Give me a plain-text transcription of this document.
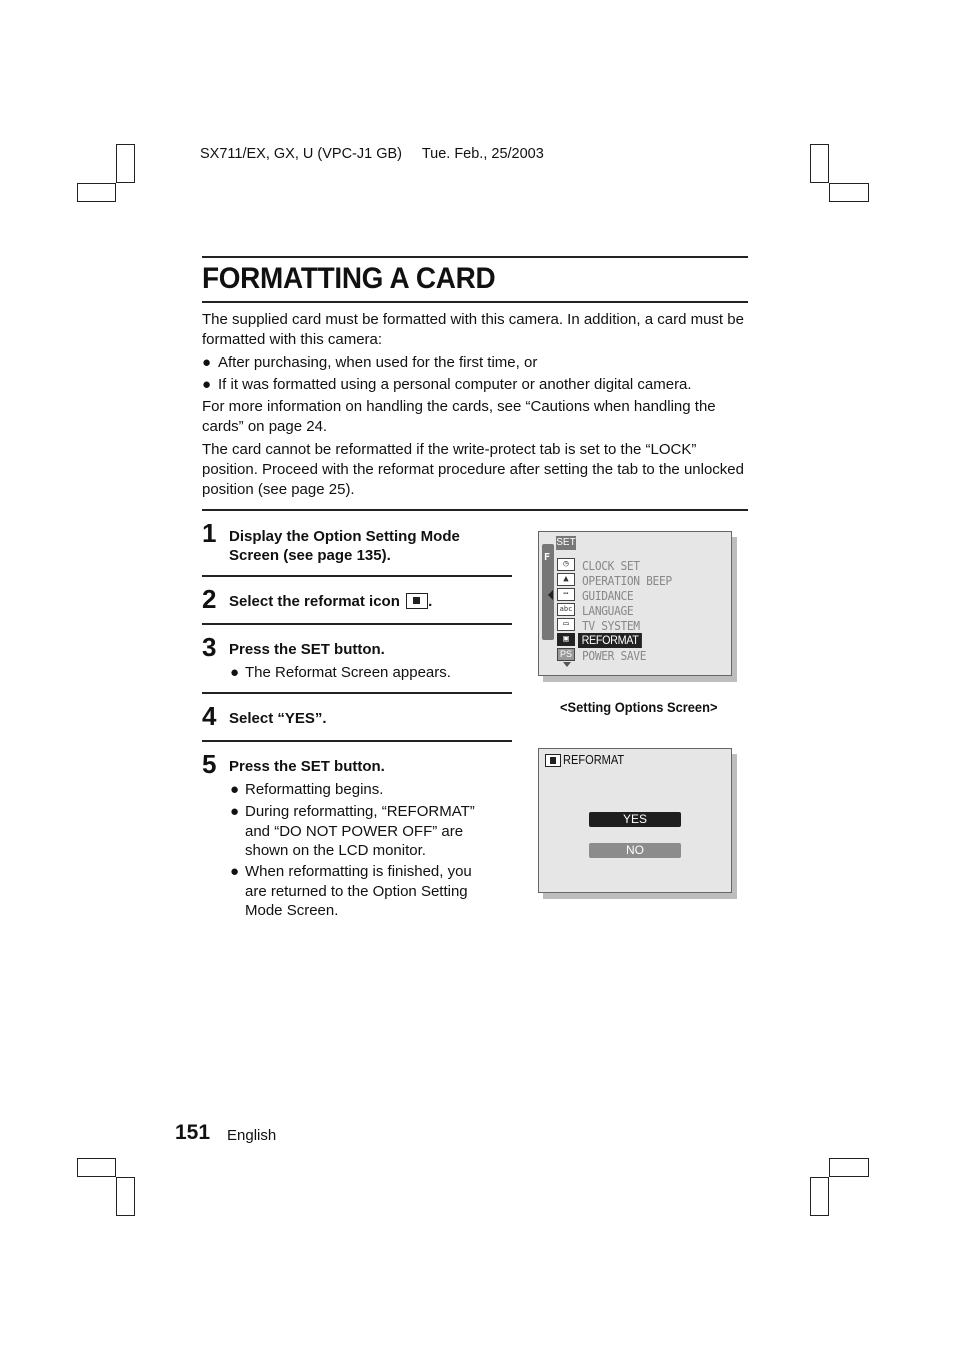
SX711/EX, GX, U (VPC-J1 GB) Tue. Feb., 25/2003
FORMATTING A CARD

The supplied card must be formatted with this camera. In addition, a card must be formatted with this camera:

● After purchasing, when used for the first time, or
● If it was formatted using a personal computer or another digital camera.

For more information on handling the cards, see “Cautions when handling the cards” on page 24.

The card cannot be reformatted if the write-protect tab is set to the “LOCK” position. Proceed with the reformat procedure after setting the tab to the unlocked position (see page 25).

1 Display the Option Setting Mode Screen (see page 135).
2 Select the reformat icon .
3 Press the SET button.
● The Reformat Screen appears.
4 Select “YES”.
5 Press the SET button.
● Reformatting begins.
● During reformatting, “REFORMAT” and “DO NOT POWER OFF” are shown on the LCD monitor.
● When reformatting is finished, you are returned to the Option Setting Mode Screen.
F
SET
◷
▲
⋯
abc
▭
▣
PS
CLOCK SET
OPERATION BEEP
GUIDANCE
LANGUAGE
TV SYSTEM
REFORMAT
POWER SAVE
<Setting Options Screen>
REFORMAT
YES
NO
151 English
